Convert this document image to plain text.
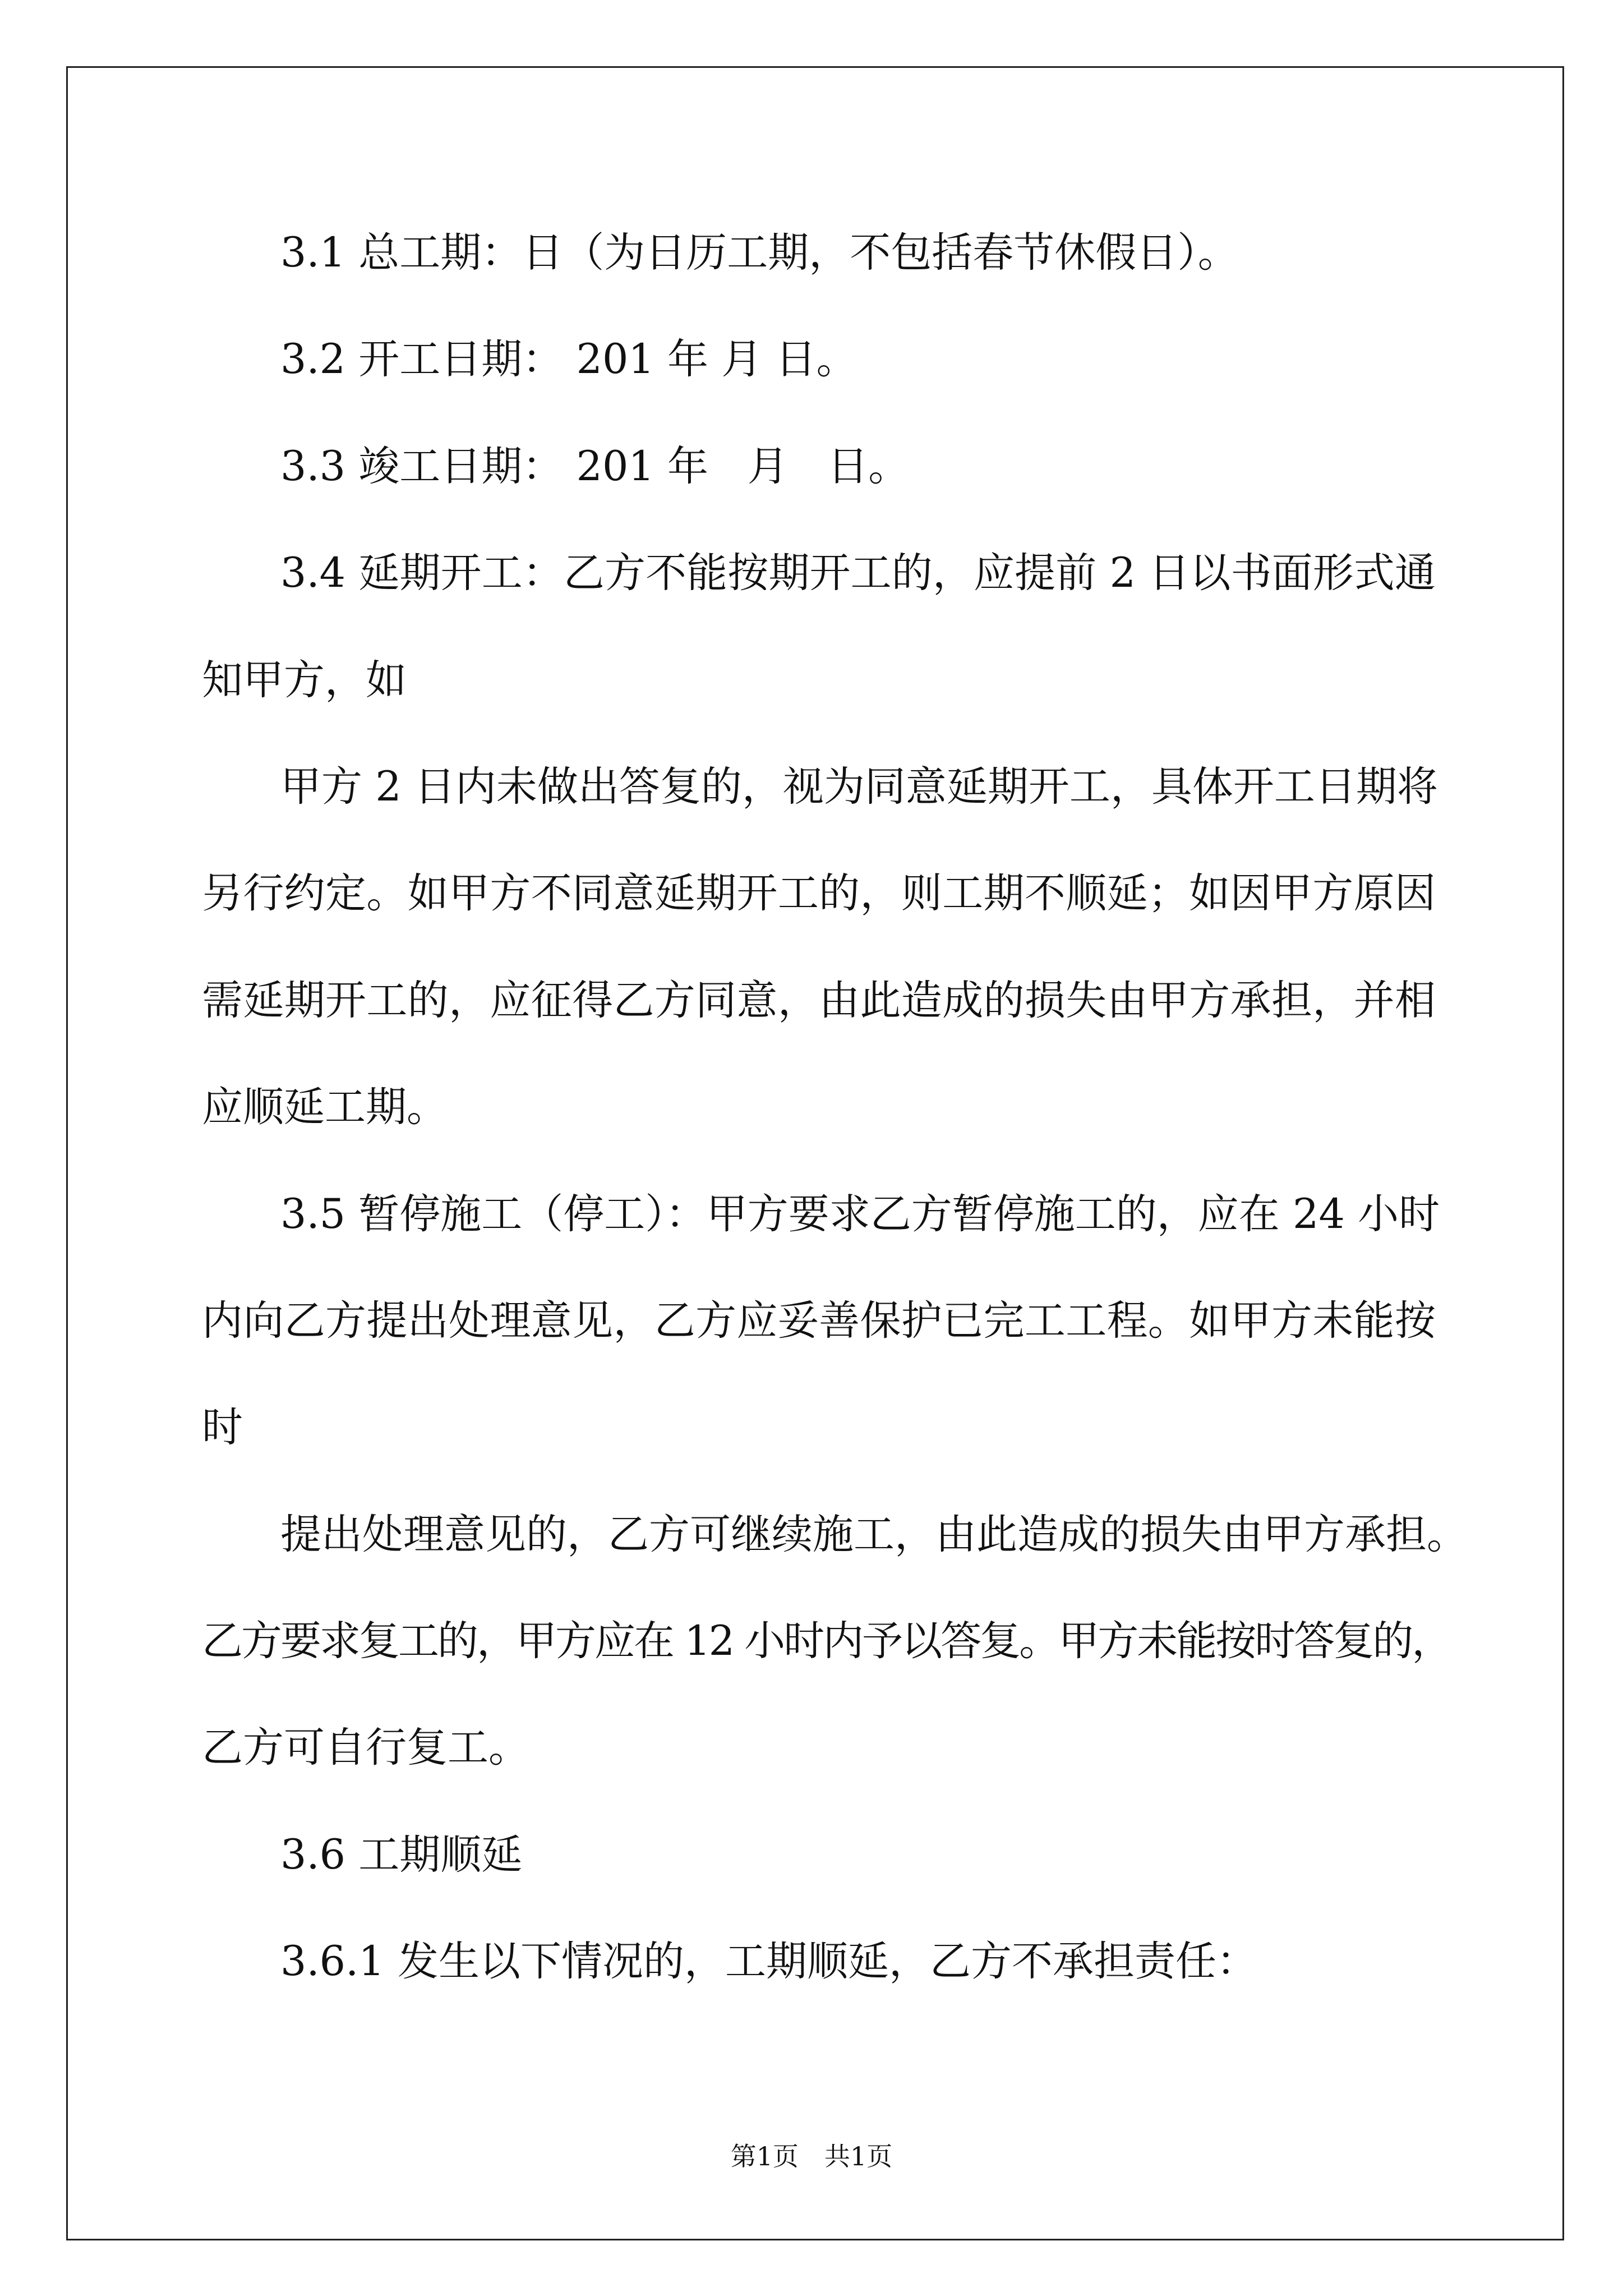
3.1 总工期：日（为日历工期，不包括春节休假日）。
3.2 开工日期： 201 年 月 日。
3.3 竣工日期： 201 年   月   日。
3.4 延期开工：乙方不能按期开工的，应提前 2 日以书面形式通
知甲方，如
甲方 2 日内未做出答复的，视为同意延期开工，具体开工日期将
另行约定。如甲方不同意延期开工的，则工期不顺延；如因甲方原因
需延期开工的，应征得乙方同意，由此造成的损失由甲方承担，并相
应顺延工期。
3.5 暂停施工（停工）：甲方要求乙方暂停施工的，应在 24 小时
内向乙方提出处理意见，乙方应妥善保护已完工工程。如甲方未能按
时
提出处理意见的，乙方可继续施工，由此造成的损失由甲方承担。
乙方要求复工的，甲方应在 12 小时内予以答复。甲方未能按时答复的，
乙方可自行复工。
3.6 工期顺延
3.6.1 发生以下情况的，工期顺延，乙方不承担责任：
第1页 共1页
